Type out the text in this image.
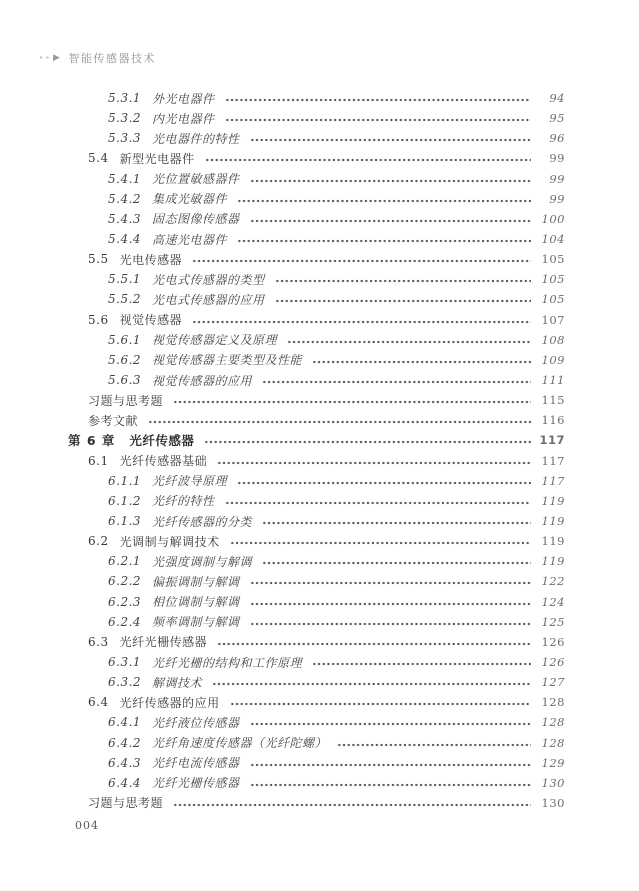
▸ ▸ ▶ 智能传感器技术
5.3.1 外光电器件	94
5.3.2 内光电器件	95
5.3.3 光电器件的特性	96
5.4 新型光电器件	99
5.4.1 光位置敏感器件	99
5.4.2 集成光敏器件	99
5.4.3 固态图像传感器	100
5.4.4 高速光电器件	104
5.5 光电传感器	105
5.5.1 光电式传感器的类型	105
5.5.2 光电式传感器的应用	105
5.6 视觉传感器	107
5.6.1 视觉传感器定义及原理	108
5.6.2 视觉传感器主要类型及性能	109
5.6.3 视觉传感器的应用	111
习题与思考题	115
参考文献	116
第 6 章 光纤传感器	117
6.1 光纤传感器基础	117
6.1.1 光纤波导原理	117
6.1.2 光纤的特性	119
6.1.3 光纤传感器的分类	119
6.2 光调制与解调技术	119
6.2.1 光强度调制与解调	119
6.2.2 偏振调制与解调	122
6.2.3 相位调制与解调	124
6.2.4 频率调制与解调	125
6.3 光纤光栅传感器	126
6.3.1 光纤光栅的结构和工作原理	126
6.3.2 解调技术	127
6.4 光纤传感器的应用	128
6.4.1 光纤液位传感器	128
6.4.2 光纤角速度传感器（光纤陀螺）	128
6.4.3 光纤电流传感器	129
6.4.4 光纤光栅传感器	130
习题与思考题	130
004
